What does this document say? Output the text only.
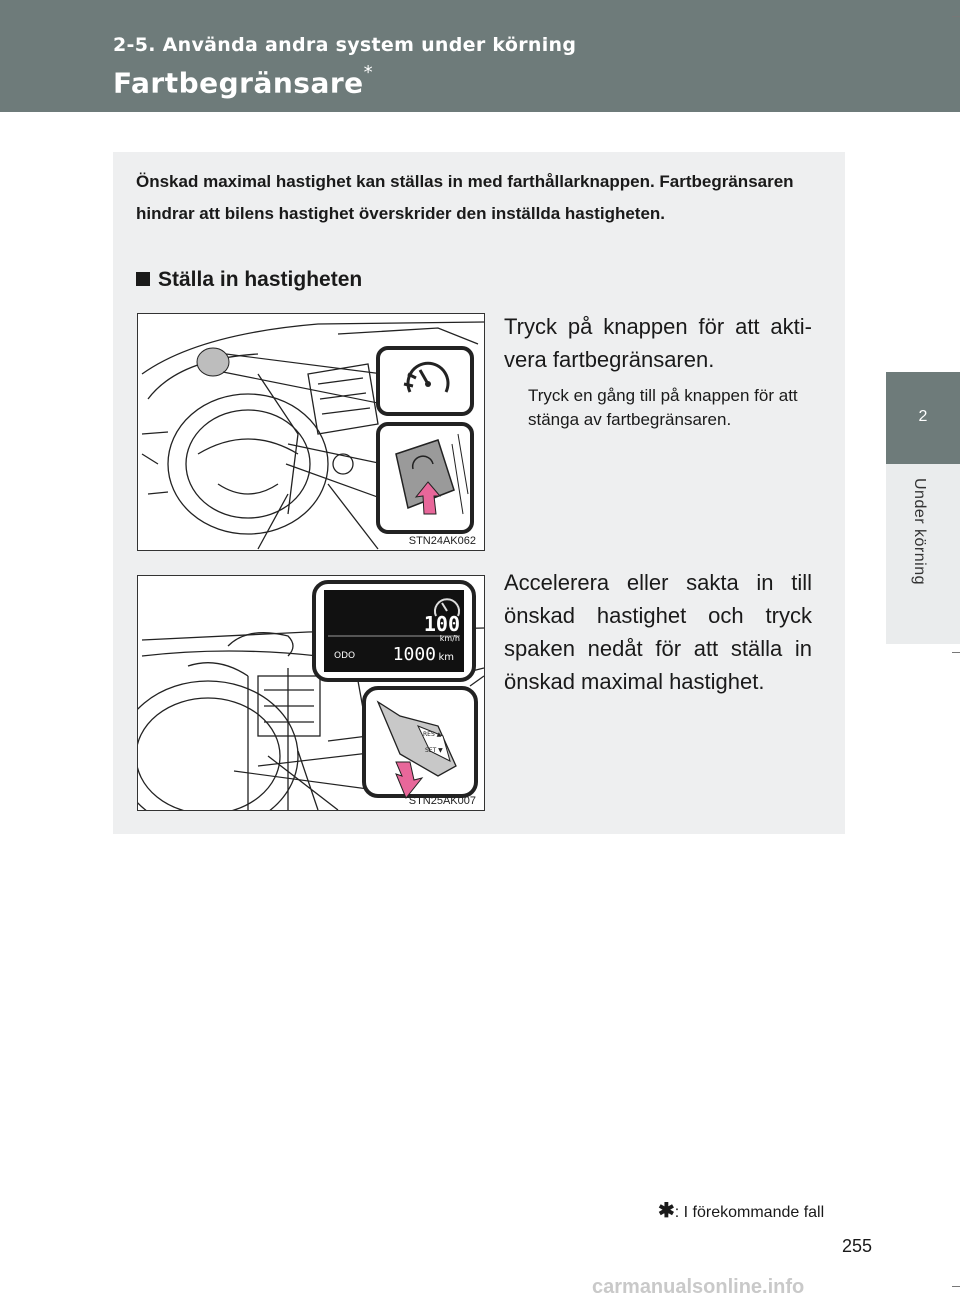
2-5. Använda andra system under körning
Fartbegränsare*
2
Under körning
Önskad maximal hastighet kan ställas in med farthållarknappen. Fartbegränsaren hindrar att bilens hastighet överskrider den inställda hastigheten.
Ställa in hastigheten
STN24AK062
Tryck på knappen för att akti-vera fartbegränsaren.
Tryck en gång till på knappen för att stänga av fartbegränsaren.
100
km/h
ODO 1000 km
RES ▲
SET ▼
STN25AK007
Accelerera eller sakta in till önskad hastighet och tryck spaken nedåt för att ställa in önskad maximal hastighet.
✱: I förekommande fall
255
carmanualsonline.info
